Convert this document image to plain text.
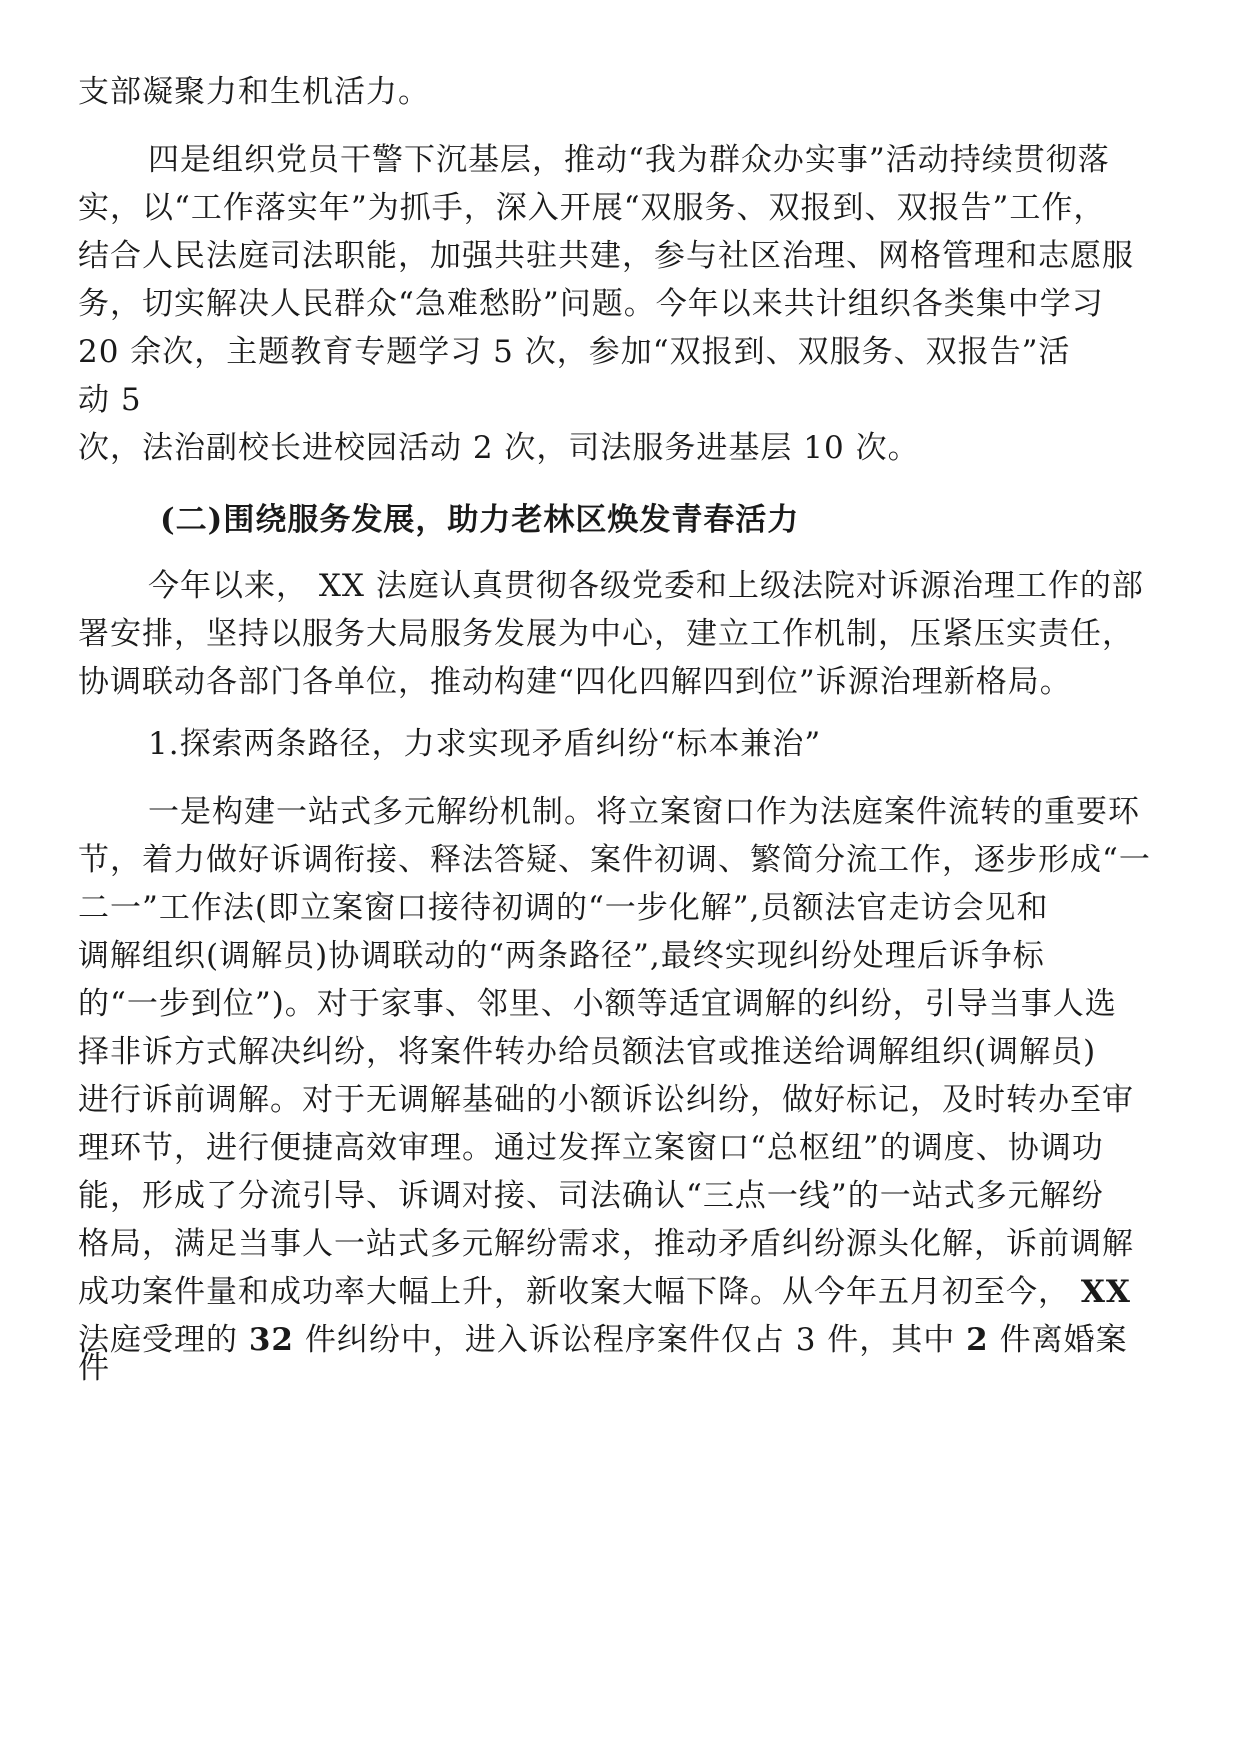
支部凝聚力和生机活力。
四是组织党员干警下沉基层，推动“我为群众办实事”活动持续贯彻落
实，以“工作落实年”为抓手，深入开展“双服务、双报到、双报告”工作，
结合人民法庭司法职能，加强共驻共建，参与社区治理、网格管理和志愿服
务，切实解决人民群众“急难愁盼”问题。今年以来共计组织各类集中学习
20 余次，主题教育专题学习 5 次，参加“双报到、双服务、双报告”活
动 5
次，法治副校长进校园活动 2 次，司法服务进基层 10 次。
(二)围绕服务发展，助力老林区焕发青春活力
今年以来， XX 法庭认真贯彻各级党委和上级法院对诉源治理工作的部
署安排，坚持以服务大局服务发展为中心，建立工作机制，压紧压实责任，
协调联动各部门各单位，推动构建“四化四解四到位”诉源治理新格局。
1.探索两条路径，力求实现矛盾纠纷“标本兼治”
一是构建一站式多元解纷机制。将立案窗口作为法庭案件流转的重要环
节，着力做好诉调衔接、释法答疑、案件初调、繁简分流工作，逐步形成“一
二一”工作法(即立案窗口接待初调的“一步化解”,员额法官走访会见和
调解组织(调解员)协调联动的“两条路径”,最终实现纠纷处理后诉争标
的“一步到位”)。对于家事、邻里、小额等适宜调解的纠纷，引导当事人选
择非诉方式解决纠纷，将案件转办给员额法官或推送给调解组织(调解员)
进行诉前调解。对于无调解基础的小额诉讼纠纷，做好标记，及时转办至审
理环节，进行便捷高效审理。通过发挥立案窗口“总枢纽”的调度、协调功
能，形成了分流引导、诉调对接、司法确认“三点一线”的一站式多元解纷
格局，满足当事人一站式多元解纷需求，推动矛盾纠纷源头化解，诉前调解
成功案件量和成功率大幅上升，新收案大幅下降。从今年五月初至今， XX
法庭受理的 32 件纠纷中，进入诉讼程序案件仅占 3 件，其中 2 件离婚案
件
